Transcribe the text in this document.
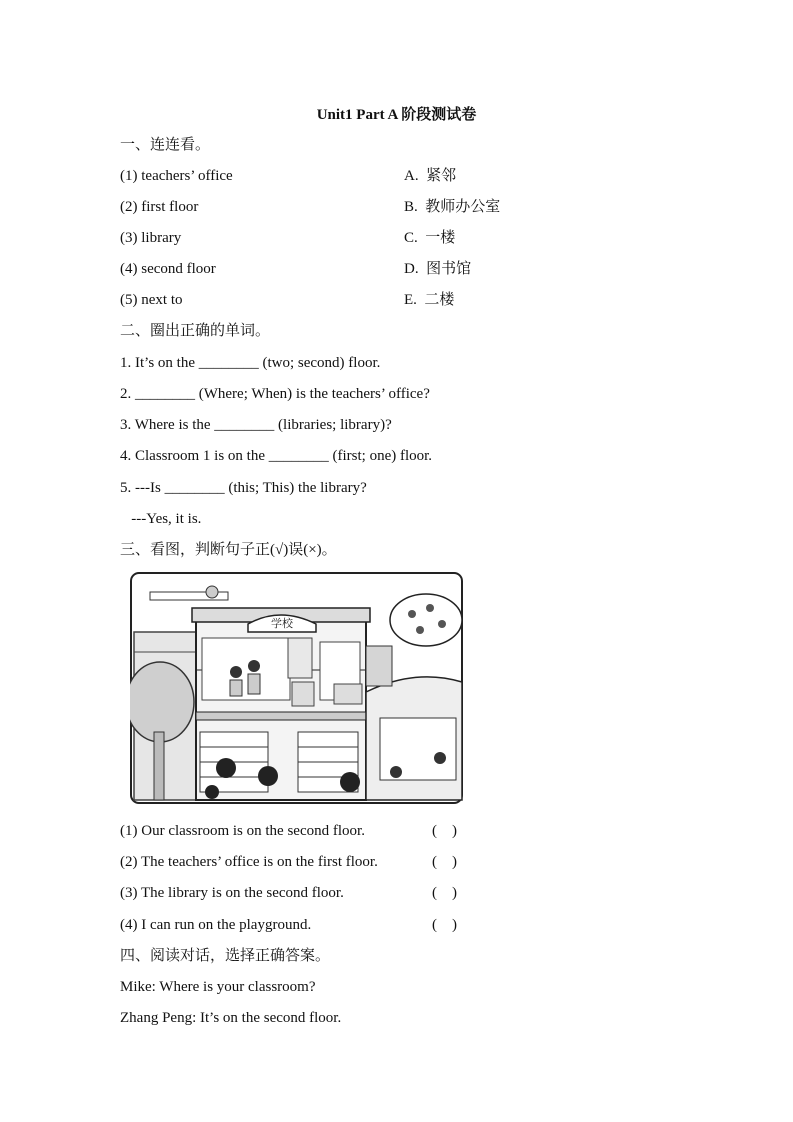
Unit1 Part A 阶段测试卷
一、连连看。
(1) teachers’ office	A.  紧邻
(2) first floor	B.  教师办公室
(3) library	C.  一楼
(4) second floor	D.  图书馆
(5) next to	E.  二楼
二、圈出正确的单词。
1. It’s on the ________ (two; second) floor.
2. ________ (Where; When) is the teachers’ office?
3. Where is the ________ (libraries; library)?
4. Classroom 1 is on the ________ (first; one) floor.
5. ---Is ________ (this; This) the library?
---Yes, it is.
三、看图，判断句子正(√)误(×)。
学校
(1) Our classroom is on the second floor.	(    )
(2) The teachers’ office is on the first floor.	(    )
(3) The library is on the second floor.	(    )
(4) I can run on the playground.	(    )
四、阅读对话，选择正确答案。
Mike: Where is your classroom?
Zhang Peng: It’s on the second floor.
